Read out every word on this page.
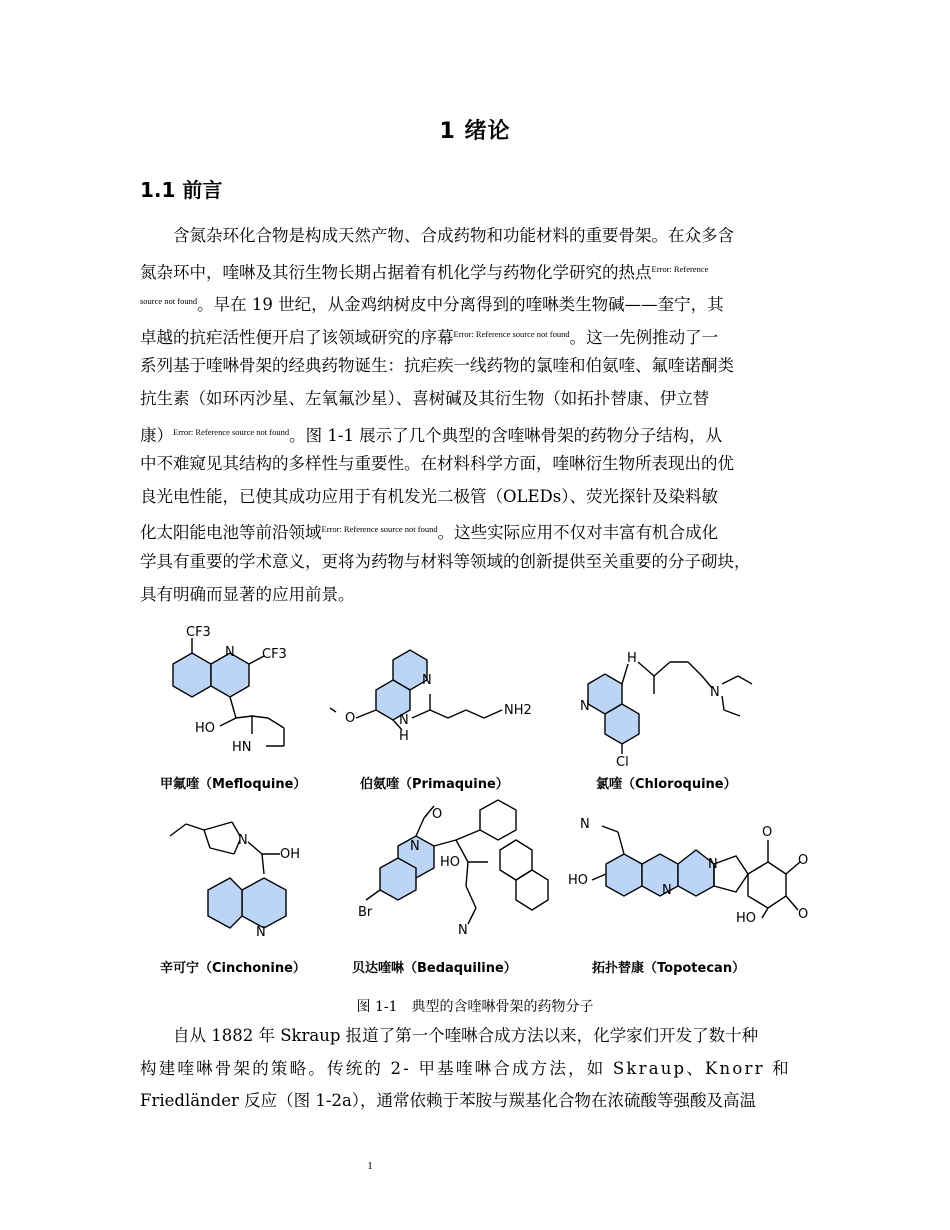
1 绪论
1.1 前言
含氮杂环化合物是构成天然产物、合成药物和功能材料的重要骨架。在众多含
氮杂环中，喹啉及其衍生物长期占据着有机化学与药物化学研究的热点$^{Error: Reference}$
$^{source not found}$。早在 19 世纪，从金鸡纳树皮中分离得到的喹啉类生物碱——奎宁，其
卓越的抗疟活性便开启了该领域研究的序幕$^{Error: Reference source not found}$。这一先例推动了一
系列基于喹啉骨架的经典药物诞生：抗疟疾一线药物的氯喹和伯氨喹、氟喹诺酮类
抗生素（如环丙沙星、左氧氟沙星）、喜树碱及其衍生物（如拓扑替康、伊立替
康）$^{Error: Reference source not found}$。图 1-1 展示了几个典型的含喹啉骨架的药物分子结构，从
中不难窥见其结构的多样性与重要性。在材料科学方面，喹啉衍生物所表现出的优
良光电性能，已使其成功应用于有机发光二极管（OLEDs）、荧光探针及染料敏
化太阳能电池等前沿领域$^{Error: Reference source not found}$。这些实际应用不仅对丰富有机合成化
学具有重要的学术意义，更将为药物与材料等领域的创新提供至关重要的分子砌块，
具有明确而显著的应用前景。
CF3
N CF3
HO
HN
甲氟喹（Mefloquine）
N
O	N
H
NH2
伯氨喹（Primaquine）
H
N
N
Cl
氯喹（Chloroquine）
N
OH
N
辛可宁（Cinchonine）
N
O
HO
N
Br
贝达喹啉（Bedaquiline）
N
HO
N
N
O
O
O
HO
拓扑替康（Topotecan）
图 1-1　典型的含喹啉骨架的药物分子
自从 1882 年 Skraup 报道了第一个喹啉合成方法以来，化学家们开发了数十种
构建喹啉骨架的策略。传统的 2- 甲基喹啉合成方法，如 Skraup、Knorr 和
Friedländer 反应（图 1-2a），通常依赖于苯胺与羰基化合物在浓硫酸等强酸及高温
1
